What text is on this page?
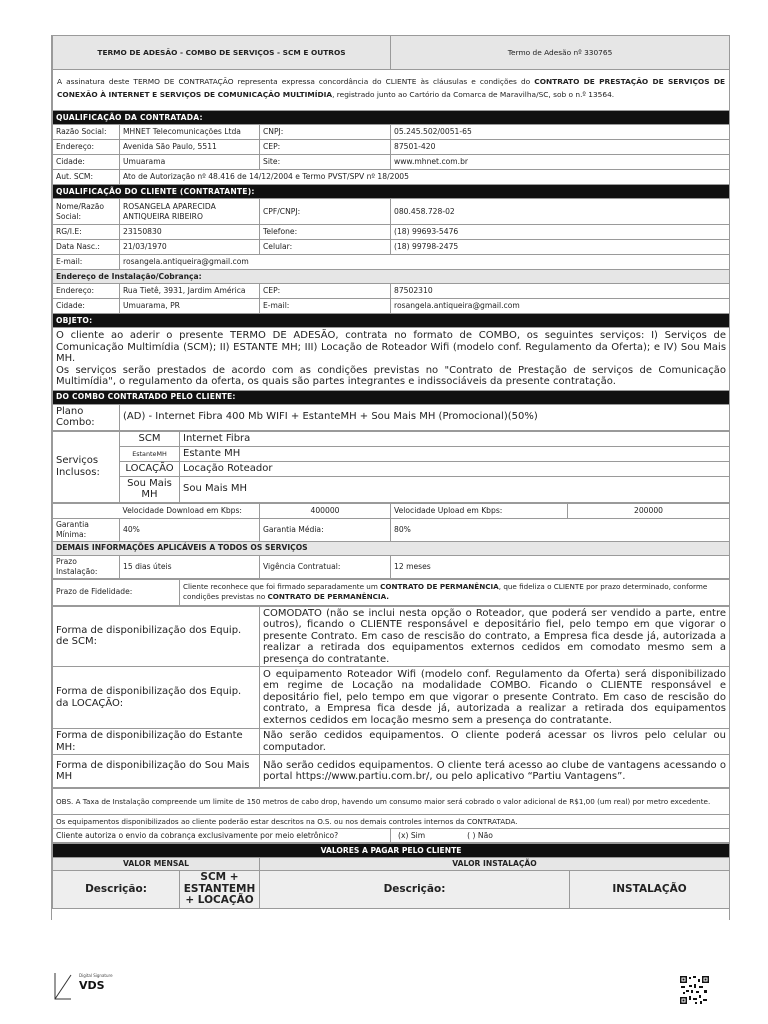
TERMO DE ADESÃO - COMBO DE SERVIÇOS - SCM E OUTROS			Termo de Adesão nº 330765
A assinatura deste TERMO DE CONTRATAÇÃO representa expressa concordância do CLIENTE às cláusulas e condições do CONTRATO DE PRESTAÇÃO DE SERVIÇOS DE CONEXÃO À INTERNET E SERVIÇOS DE COMUNICAÇÃO MULTIMÍDIA, registrado junto ao Cartório da Comarca de Maravilha/SC, sob o n.º 13564.			
QUALIFICAÇÃO DA CONTRATADA:			
Razão Social:	MHNET Telecomunicações Ltda	CNPJ:	05.245.502/0051-65
Endereço:	Avenida São Paulo, 5511	CEP:	87501-420
Cidade:	Umuarama	Site:	www.mhnet.com.br
Aut. SCM:	Ato de Autorização nº 48.416 de 14/12/2004 e Termo PVST/SPV nº 18/2005		
QUALIFICAÇÃO DO CLIENTE (CONTRATANTE):			
Nome/Razão Social:	ROSANGELA APARECIDA ANTIQUEIRA RIBEIRO	CPF/CNPJ:	080.458.728-02
RG/I.E:	23150830	Telefone:	(18) 99693-5476
Data Nasc.:	21/03/1970	Celular:	(18) 99798-2475
E-mail:	rosangela.antiqueira@gmail.com		
Endereço de Instalação/Cobrança:			
Endereço:	Rua Tietê, 3931, Jardim América	CEP:	87502310
Cidade:	Umuarama, PR	E-mail:	rosangela.antiqueira@gmail.com
OBJETO:			

O cliente ao aderir o presente TERMO DE ADESÃO, contrata no formato de COMBO, os seguintes serviços: I) Serviços de Comunicação Multimídia (SCM); II) ESTANTE MH; III) Locação de Roteador Wifi (modelo conf. Regulamento da Oferta); e IV) Sou Mais MH.
Os serviços serão prestados de acordo com as condições previstas no "Contrato de Prestação de serviços de Comunicação Multimídia", o regulamento da oferta, os quais são partes integrantes e indissociáveis da presente contratação.			

DO COMBO CONTRATADO PELO CLIENTE:			
Plano Combo:	(AD) - Internet Fibra 400 Mb WIFI + EstanteMH + Sou Mais MH (Promocional)(50%)		
Serviços Inclusos:	SCM	Internet Fibra
	EstanteMH	Estante MH
	LOCAÇÃO	Locação Roteador
	Sou Mais MH	Sou Mais MH
	Velocidade Download em Kbps:	400000	Velocidade Upload em Kbps:	200000
Garantia Mínima:	40%	Garantia Média:	80%	
DEMAIS INFORMAÇÕES APLICÁVEIS A TODOS OS SERVIÇOS				
Prazo Instalação:	15 dias úteis	Vigência Contratual:	12 meses	
Prazo de Fidelidade:	Cliente reconhece que foi firmado separadamente um CONTRATO DE PERMANÊNCIA, que fideliza o CLIENTE por prazo determinado, conforme condições previstas no CONTRATO DE PERMANÊNCIA.
Forma de disponibilização dos Equip. de SCM:	COMODATO (não se inclui nesta opção o Roteador, que poderá ser vendido a parte, entre outros), ficando o CLIENTE responsável e depositário fiel, pelo tempo em que vigorar o presente Contrato. Em caso de rescisão do contrato, a Empresa fica desde já, autorizada a realizar a retirada dos equipamentos externos cedidos em comodato mesmo sem a presença do contratante.
Forma de disponibilização dos Equip. da LOCAÇÃO:	O equipamento Roteador Wifi (modelo conf. Regulamento da Oferta) será disponibilizado em regime de Locação na modalidade COMBO. Ficando o CLIENTE responsável e depositário fiel, pelo tempo em que vigorar o presente Contrato. Em caso de rescisão do contrato, a Empresa fica desde já, autorizada a realizar a retirada dos equipamentos externos cedidos em locação mesmo sem a presença do contratante.
Forma de disponibilização do Estante MH:	Não serão cedidos equipamentos. O cliente poderá acessar os livros pelo celular ou computador.
Forma de disponibilização do Sou Mais MH	Não serão cedidos equipamentos. O cliente terá acesso ao clube de vantagens acessando o portal https://www.partiu.com.br/, ou pelo aplicativo “Partiu Vantagens”.
OBS. A Taxa de Instalação compreende um limite de 150 metros de cabo drop, havendo um consumo maior será cobrado o valor adicional de R$1,00 (um real) por metro excedente.
Os equipamentos disponibilizados ao cliente poderão estar descritos na O.S. ou nos demais controles internos da CONTRATADA.
Cliente autoriza o envio da cobrança exclusivamente por meio eletrônico?	(x) Sim	( ) Não
VALORES A PAGAR PELO CLIENTE			
VALOR MENSAL		VALOR INSTALAÇÃO	
Descrição:	SCM + ESTANTEMH + LOCAÇÃO	Descrição:	INSTALAÇÃO
Digital Signature
VDS
